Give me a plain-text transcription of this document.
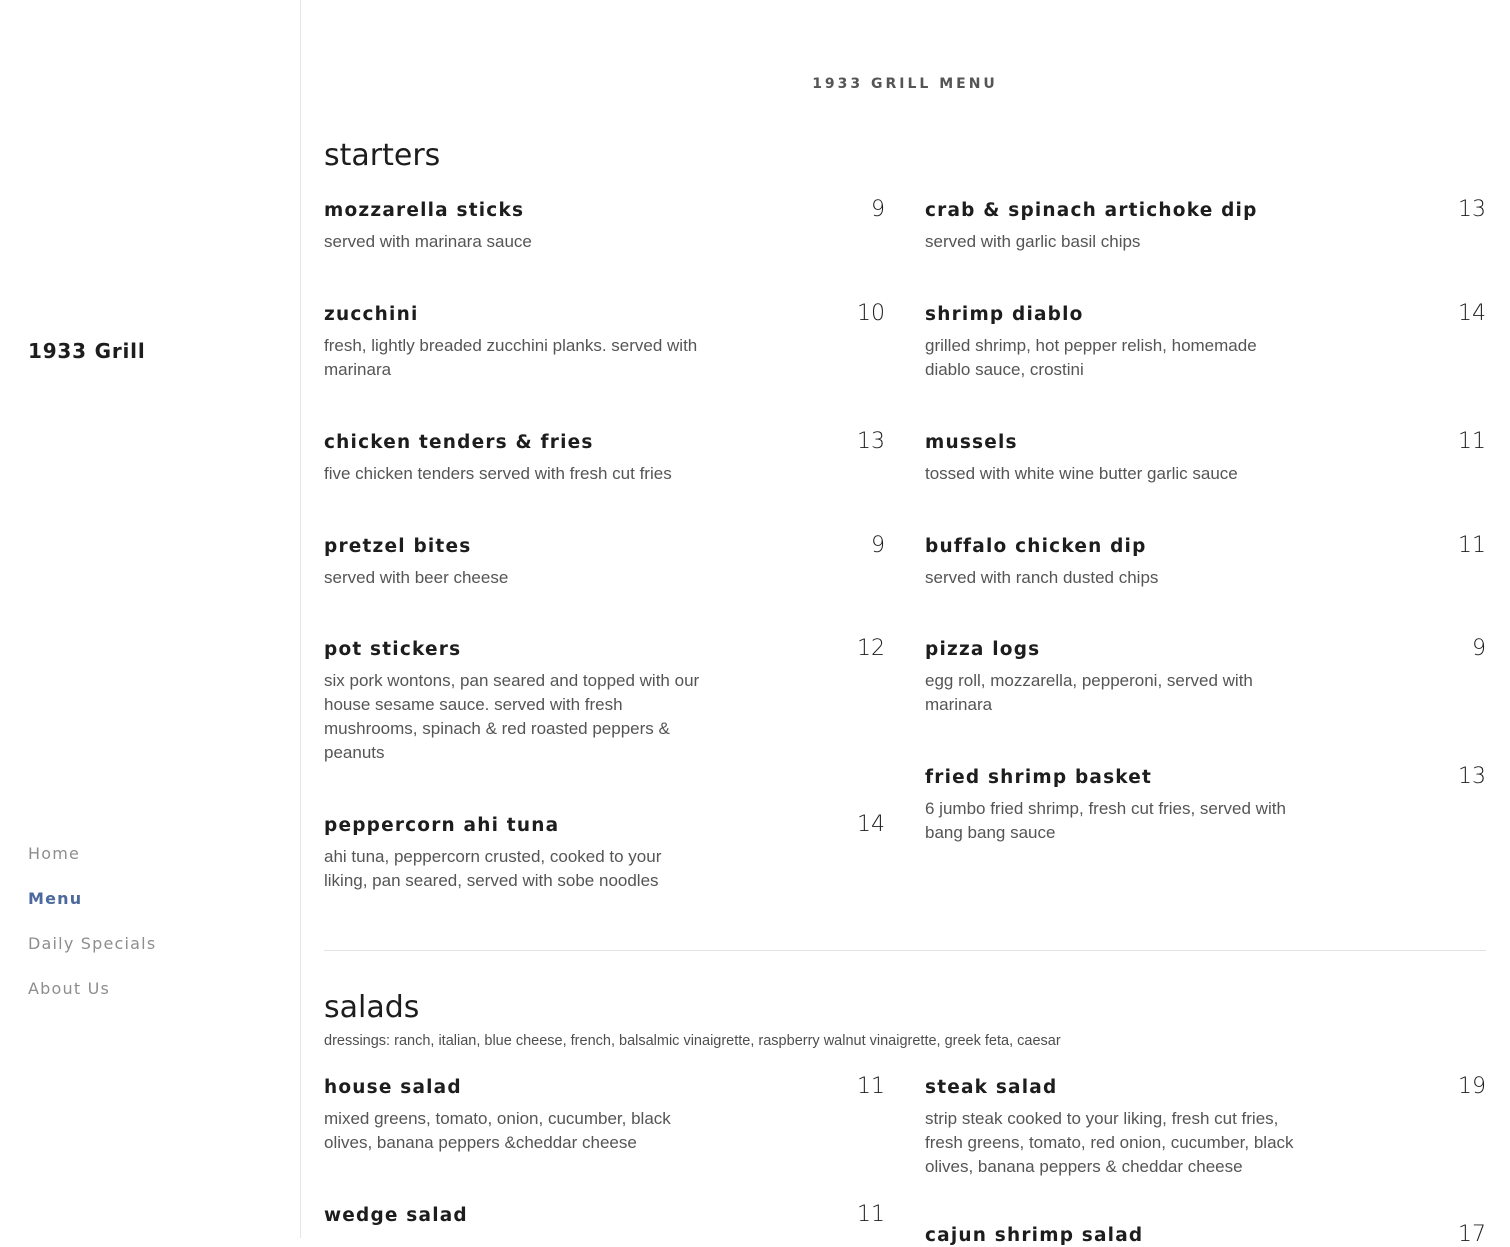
1933 Grill
Home
Menu
Daily Specials
About Us
1933 GRILL MENU
starters
mozzarella sticks	9

served with marinara sauce

zucchini	10

fresh, lightly breaded zucchini planks. served with marinara

chicken tenders & fries	13

five chicken tenders served with fresh cut fries

pretzel bites	9

served with beer cheese

pot stickers	12

six pork wontons, pan seared and topped with our house sesame sauce. served with fresh mushrooms, spinach & red roasted peppers & peanuts

peppercorn ahi tuna	14

ahi tuna, peppercorn crusted, cooked to your liking, pan seared, served with sobe noodles

crab & spinach artichoke dip	13

served with garlic basil chips

shrimp diablo	14

grilled shrimp, hot pepper relish, homemade diablo sauce, crostini

mussels	11

tossed with white wine butter garlic sauce

buffalo chicken dip	11

served with ranch dusted chips

pizza logs	9

egg roll, mozzarella, pepperoni, served with marinara

fried shrimp basket	13

6 jumbo fried shrimp, fresh cut fries, served with bang bang sauce

salads

dressings: ranch, italian, blue cheese, french, balsalmic vinaigrette, raspberry walnut vinaigrette, greek feta, caesar

house salad	11

mixed greens, tomato, onion, cucumber, black olives, banana peppers &cheddar cheese

wedge salad	11
steak salad	19

strip steak cooked to your liking, fresh cut fries, fresh greens, tomato, red onion, cucumber, black olives, banana peppers & cheddar cheese

cajun shrimp salad	17
